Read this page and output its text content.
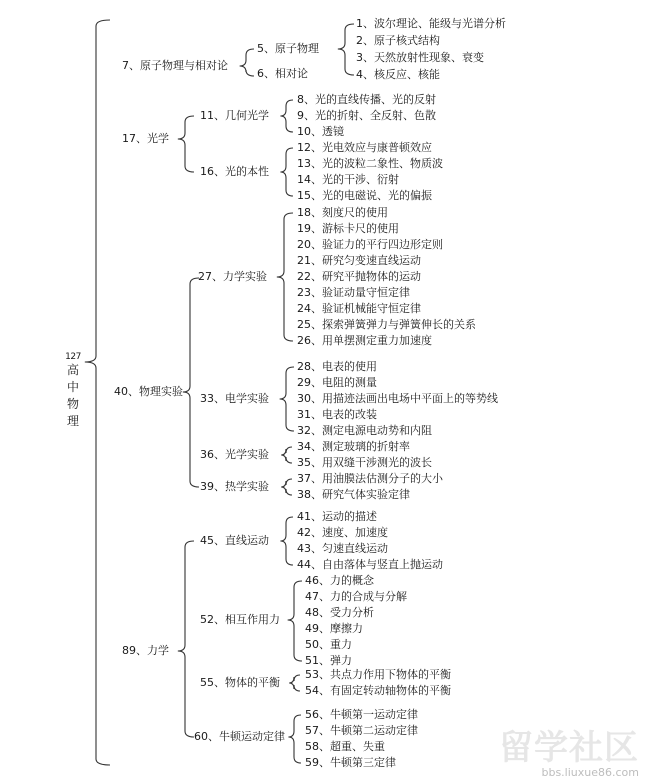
127
高中物理
7、原子物理与相对论
5、原子物理
6、相对论
17、光学
11、几何光学
16、光的本性
40、物理实验
27、力学实验
33、电学实验
36、光学实验
39、热学实验
89、力学
45、直线运动
52、相互作用力
55、物体的平衡
60、牛顿运动定律
1、波尔理论、能级与光谱分析
2、原子核式结构
3、天然放射性现象、衰变
4、核反应、核能
8、光的直线传播、光的反射
9、光的折射、全反射、色散
10、透镜
12、光电效应与康普顿效应
13、光的波粒二象性、物质波
14、光的干涉、衍射
15、光的电磁说、光的偏振
18、刻度尺的使用
19、游标卡尺的使用
20、验证力的平行四边形定则
21、研究匀变速直线运动
22、研究平抛物体的运动
23、验证动量守恒定律
24、验证机械能守恒定律
25、探索弹簧弹力与弹簧伸长的关系
26、用单摆测定重力加速度
28、电表的使用
29、电阻的测量
30、用描迹法画出电场中平面上的等势线
31、电表的改装
32、测定电源电动势和内阻
34、测定玻璃的折射率
35、用双缝干涉测光的波长
37、用油膜法估测分子的大小
38、研究气体实验定律
41、运动的描述
42、速度、加速度
43、匀速直线运动
44、自由落体与竖直上抛运动
46、力的概念
47、力的合成与分解
48、受力分析
49、摩擦力
50、重力
51、弹力
53、共点力作用下物体的平衡
54、有固定转动轴物体的平衡
56、牛顿第一运动定律
57、牛顿第二运动定律
58、超重、失重
59、牛顿第三定律	留学社区
bbs.liuxue86.com
